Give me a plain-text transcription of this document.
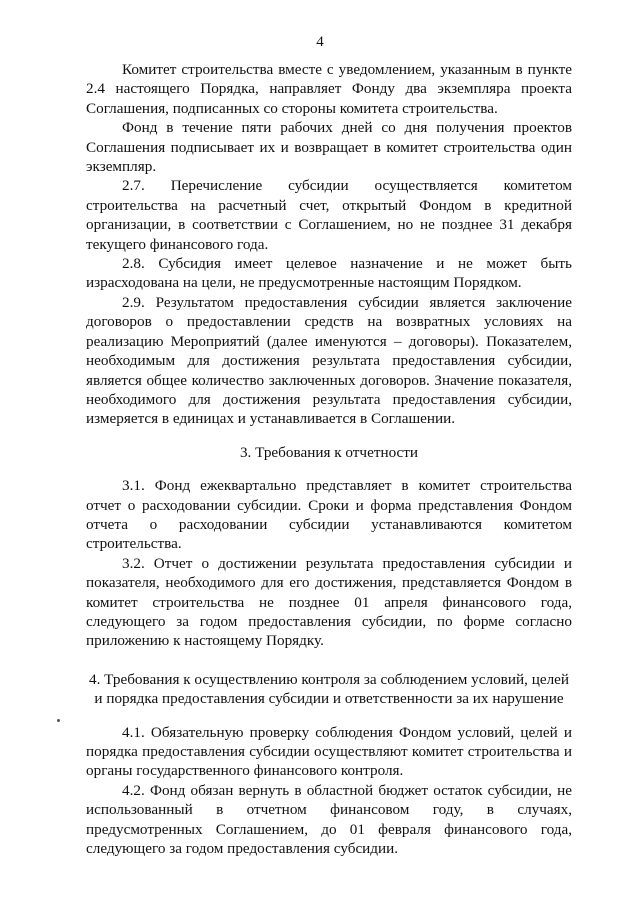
4

Комитет строительства вместе с уведомлением, указанным в пункте 2.4 настоящего Порядка, направляет Фонду два экземпляра проекта Соглашения, подписанных со стороны комитета строительства.

Фонд в течение пяти рабочих дней со дня получения проектов Соглашения подписывает их и возвращает в комитет строительства один экземпляр.

2.7. Перечисление субсидии осуществляется комитетом строительства на расчетный счет, открытый Фондом в кредитной организации, в соответствии с Соглашением, но не позднее 31 декабря текущего финансового года.

2.8. Субсидия имеет целевое назначение и не может быть израсходована на цели, не предусмотренные настоящим Порядком.

2.9. Результатом предоставления субсидии является заключение договоров о предоставлении средств на возвратных условиях на реализацию Мероприятий (далее именуются – договоры). Показателем, необходимым для достижения результата предоставления субсидии, является общее количество заключенных договоров. Значение показателя, необходимого для достижения результата предоставления субсидии, измеряется в единицах и устанавливается в Соглашении.

3. Требования к отчетности

3.1. Фонд ежеквартально представляет в комитет строительства отчет о расходовании субсидии. Сроки и форма представления Фондом отчета о расходовании субсидии устанавливаются комитетом строительства.

3.2. Отчет о достижении результата предоставления субсидии и показателя, необходимого для его достижения, представляется Фондом в комитет строительства не позднее 01 апреля финансового года, следующего за годом предоставления субсидии, по форме согласно приложению к настоящему Порядку.

4. Требования к осуществлению контроля за соблюдением условий, целей

и порядка предоставления субсидии и ответственности за их нарушение

4.1. Обязательную проверку соблюдения Фондом условий, целей и порядка предоставления субсидии осуществляют комитет строительства и органы государственного финансового контроля.

4.2. Фонд обязан вернуть в областной бюджет остаток субсидии, не использованный в отчетном финансовом году, в случаях, предусмотренных Соглашением, до 01 февраля финансового года, следующего за годом предоставления субсидии.
